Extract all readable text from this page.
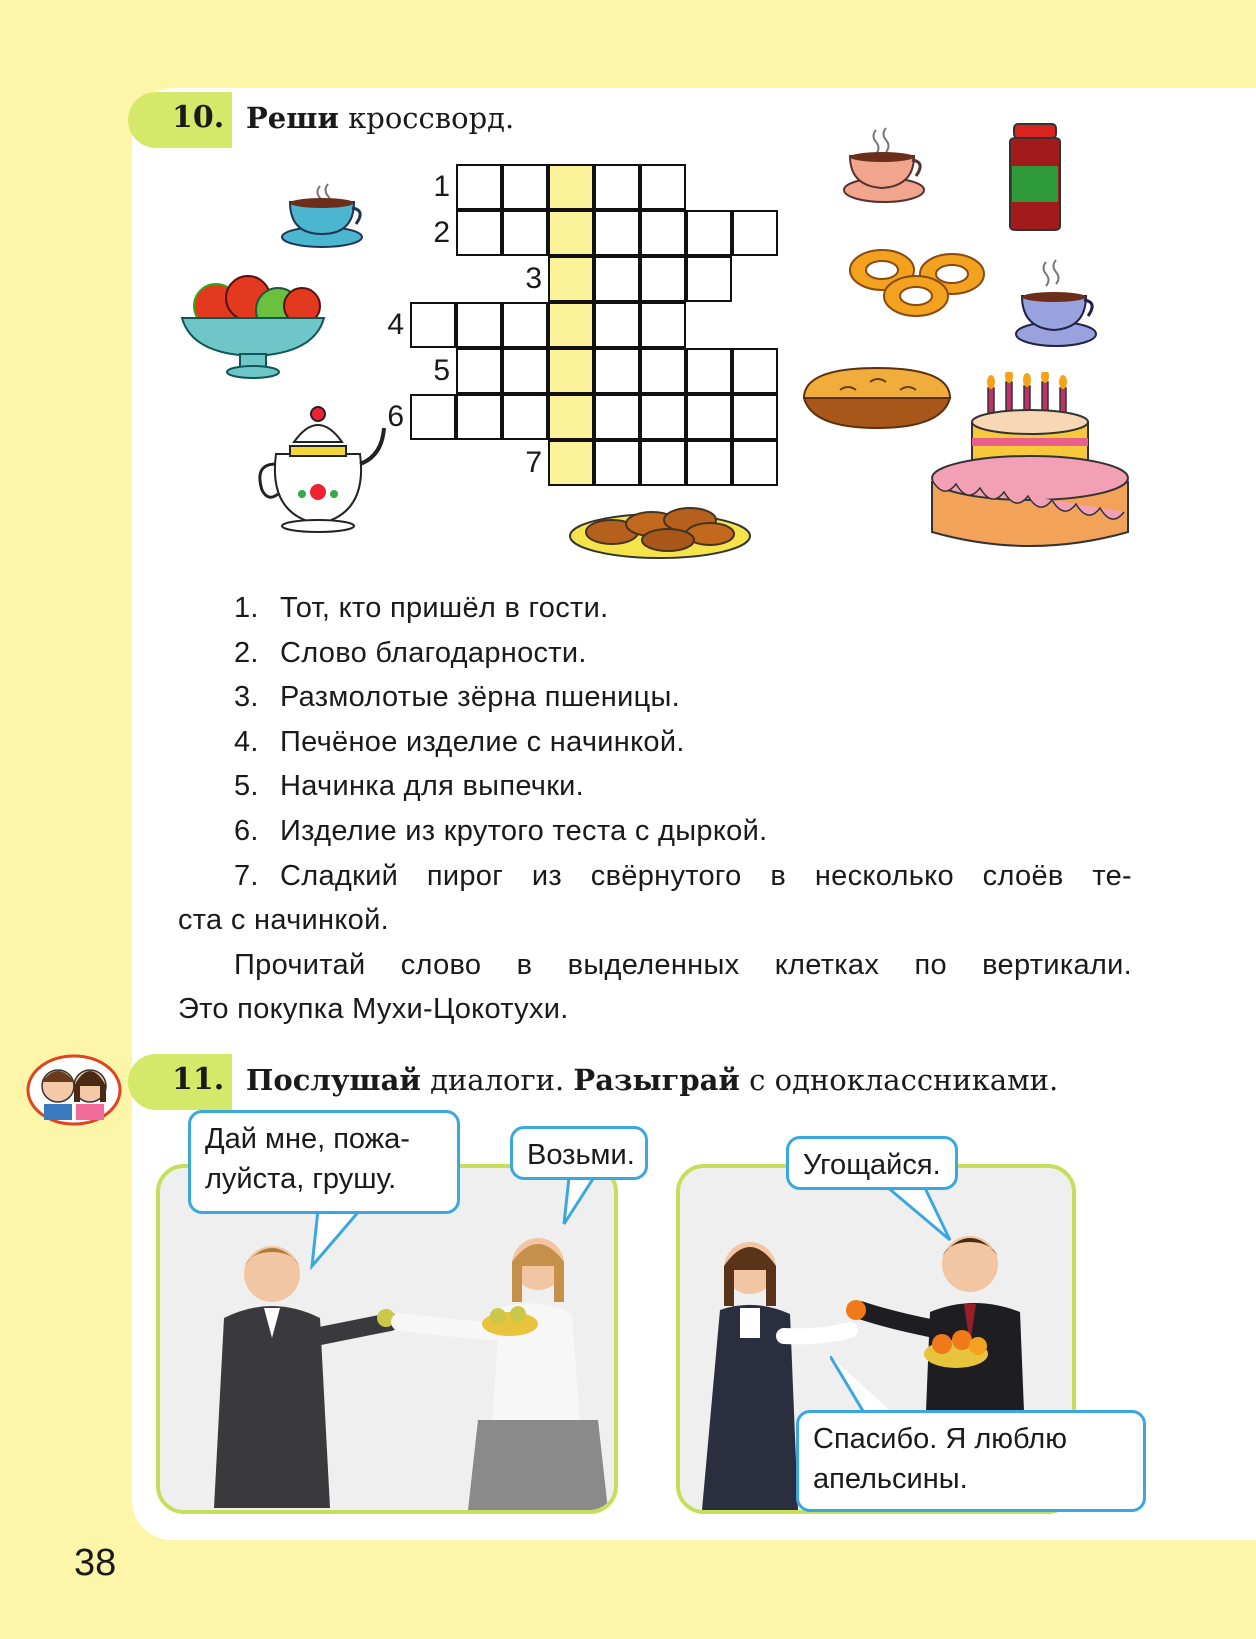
10. Реши кроссворд.
1
2
3
4
5
6
7
1. Тот, кто пришёл в гости.
2. Слово благодарности.
3. Размолотые зёрна пшеницы.
4. Печёное изделие с начинкой.
5. Начинка для выпечки.
6. Изделие из крутого теста с дыркой.
7. Сладкий пирог из свёрнутого в несколько слоёв те-
ста с начинкой.
Прочитай слово в выделенных клетках по вертикали.
Это покупка Мухи-Цокотухи.
11. Послушай диалоги. Разыграй с одноклассниками.
Дай мне, пожа-
луйста, грушу.
Возьми.	Угощайся.
Спасибо. Я люблю
апельсины.
38
